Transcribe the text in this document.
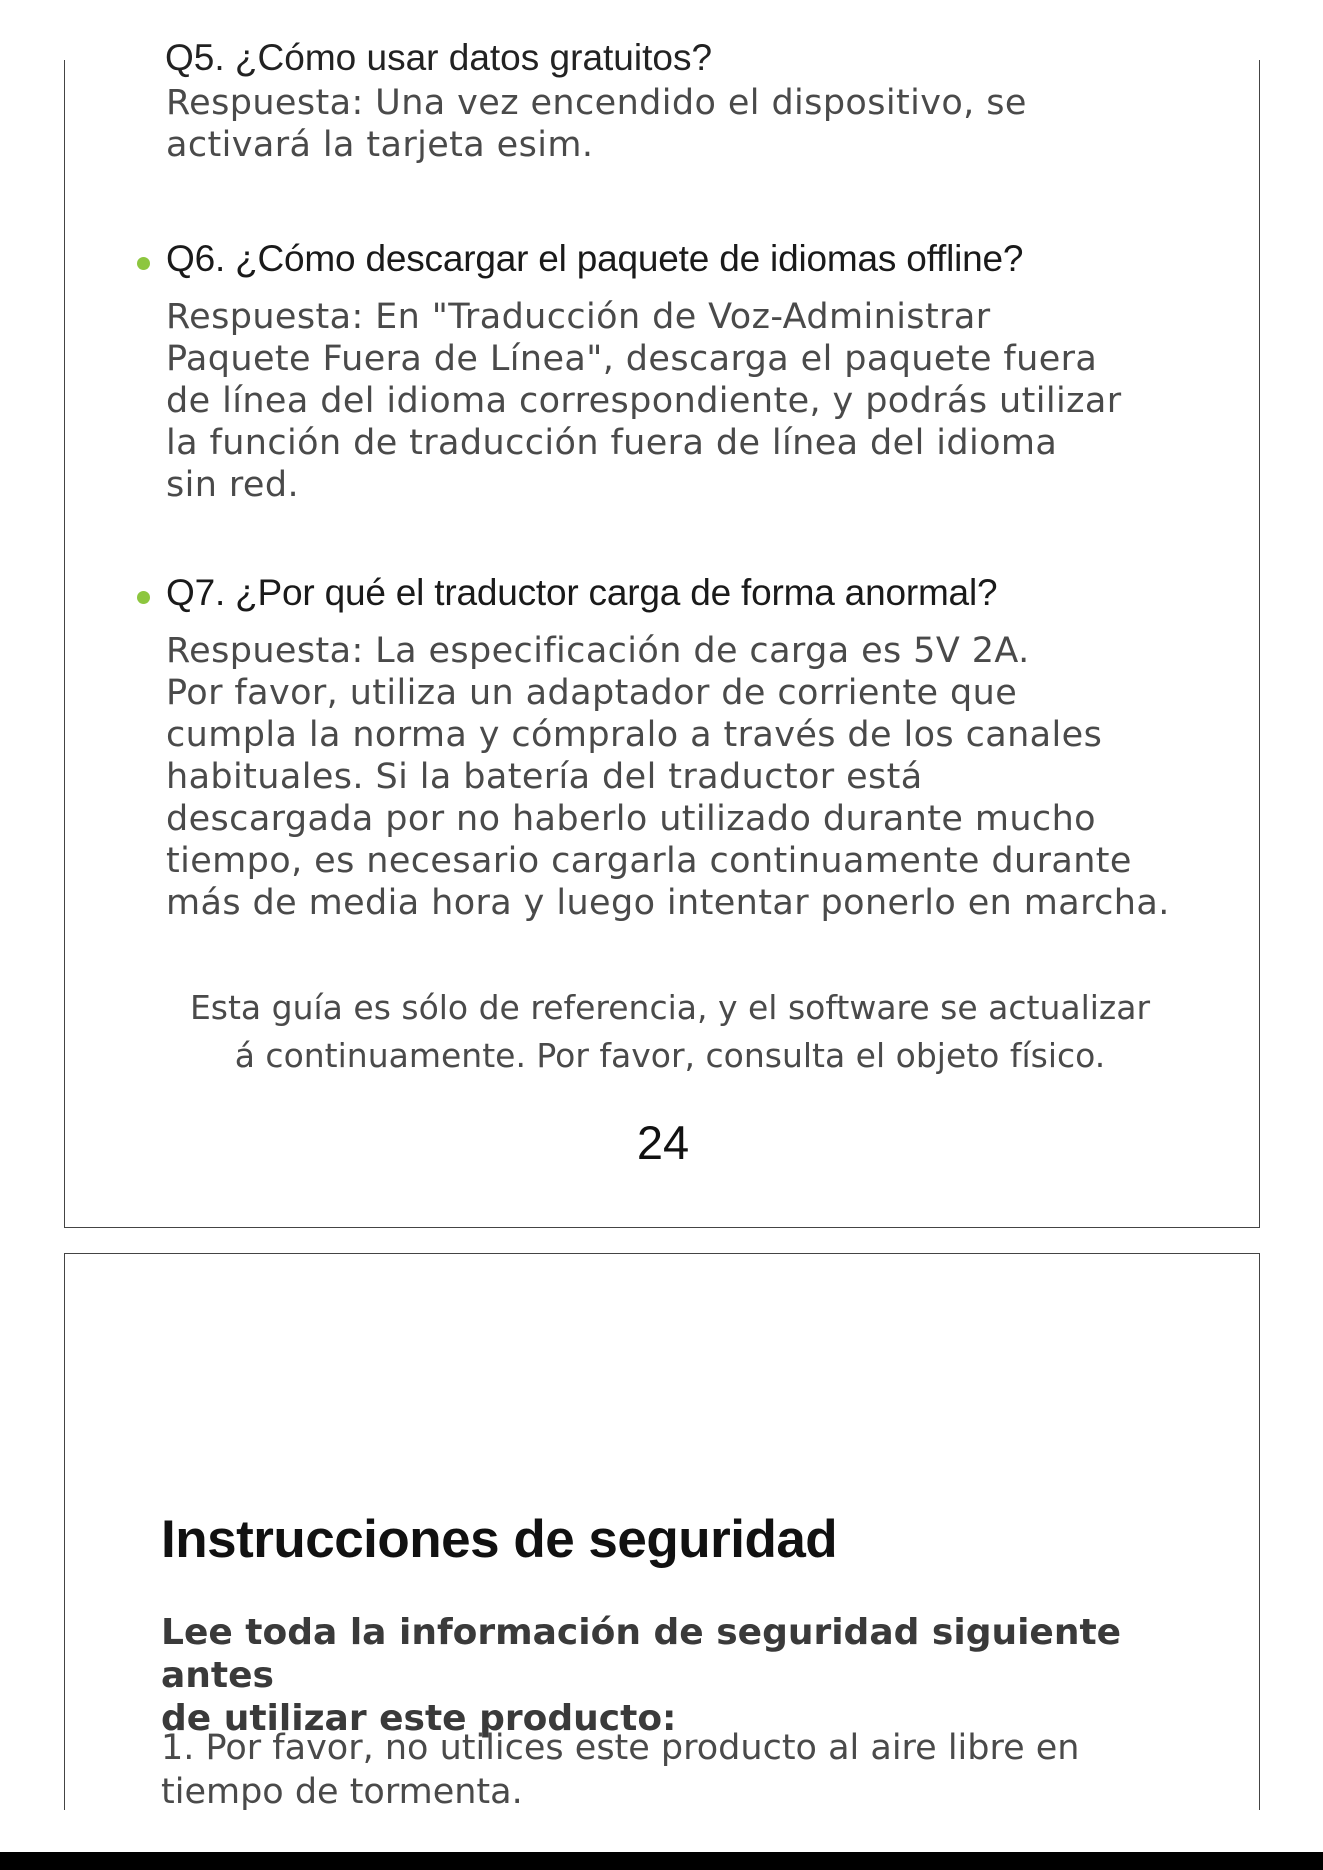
Q5. ¿Cómo usar datos gratuitos?
Respuesta: Una vez encendido el dispositivo, se
activará la tarjeta esim.
Q6. ¿Cómo descargar el paquete de idiomas offline?
Respuesta: En "Traducción de Voz-Administrar
Paquete Fuera de Línea", descarga el paquete fuera
de línea del idioma correspondiente, y podrás utilizar
la función de traducción fuera de línea del idioma
sin red.
Q7. ¿Por qué el traductor carga de forma anormal?
Respuesta: La especificación de carga es 5V 2A.
Por favor, utiliza un adaptador de corriente que
cumpla la norma y cómpralo a través de los canales
habituales. Si la batería del traductor está
descargada por no haberlo utilizado durante mucho
tiempo, es necesario cargarla continuamente durante
más de media hora y luego intentar ponerlo en marcha.
Esta guía es sólo de referencia, y el software se actualizar
á continuamente. Por favor, consulta el objeto físico.
24
Instrucciones de seguridad
Lee toda la información de seguridad siguiente antes
de utilizar este producto:
1. Por favor, no utilices este producto al aire libre en
tiempo de tormenta.
